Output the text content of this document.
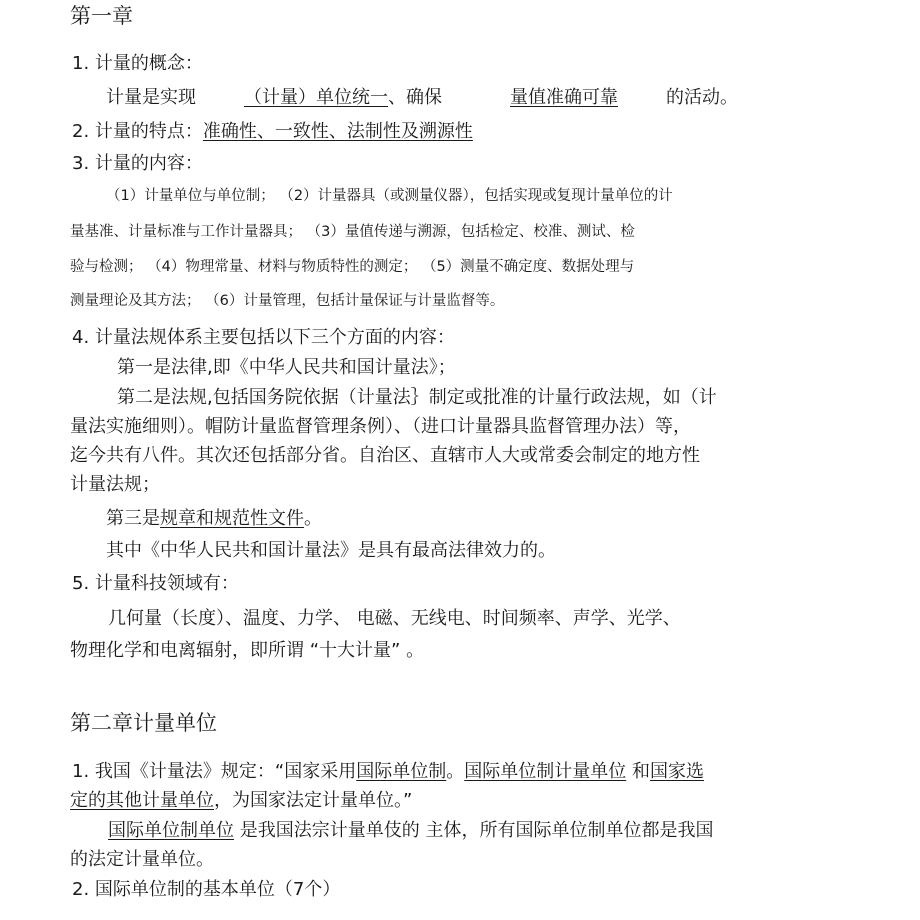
第一章
1. 计量的概念：
计量是实现	（计量）单位统一、确保	量值准确可靠	的活动。
2. 计量的特点：准确性、一致性、法制性及溯源性
3. 计量的内容：
（1）计量单位与单位制； （2）计量器具（或测量仪器），包括实现或复现计量单位的计
量基准、计量标准与工作计量器具； （3）量值传递与溯源，包括检定、校准、测试、检
验与检测； （4）物理常量、材料与物质特性的测定； （5）测量不确定度、数据处理与
测量理论及其方法； （6）计量管理，包括计量保证与计量监督等。
4. 计量法规体系主要包括以下三个方面的内容：
第一是法律,即《中华人民共和国计量法》；
第二是法规,包括国务院依据（计量法｝制定或批准的计量行政法规，如（计
量法实施细则）。帽防计量监督管理条例）、（进口计量器具监督管理办法）等，
迄今共有八件。其次还包括部分省。自治区、直辖市人大或常委会制定的地方性
计量法规；
第三是规章和规范性文件。
其中《中华人民共和国计量法》是具有最高法律效力的。
5. 计量科技领域有：
几何量（长度）、温度、力学、 电磁、无线电、时间频率、声学、光学、
物理化学和电离辐射，即所谓 “十大计量” 。
第二章计量单位
1. 我国《计量法》规定：“国家采用国际单位制。国际单位制计量单位 和国家选
定的其他计量单位，为国家法定计量单位。”
国际单位制单位 是我国法宗计量单伎的 主体，所有国际单位制单位都是我国
的法定计量单位。
2. 国际单位制的基本单位（7个）
